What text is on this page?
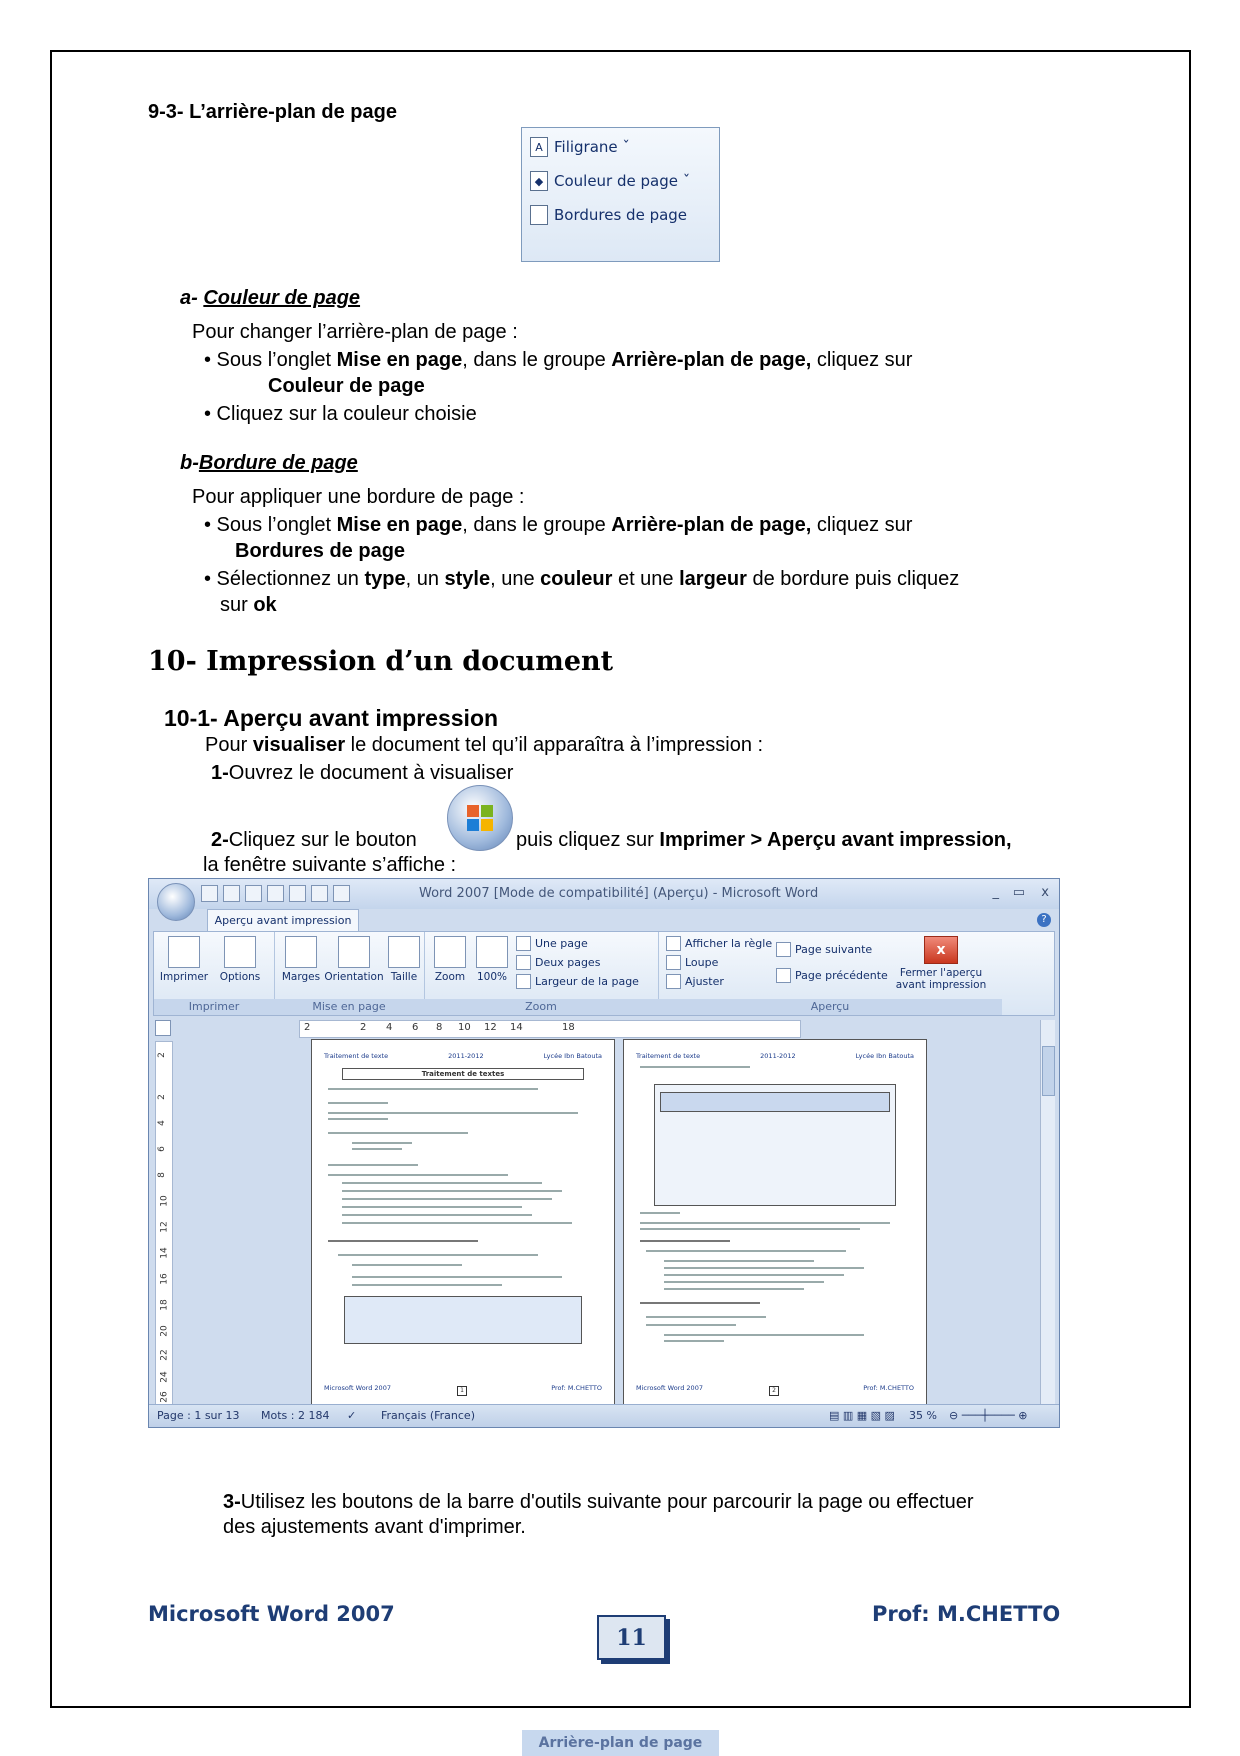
9-3- L’arrière-plan de page
A Filigrane ˇ
◆ Couleur de page ˇ
Bordures de page
Arrière-plan de page
a- Couleur de page
Pour changer l’arrière-plan de page :
• Sous l’onglet Mise en page, dans le groupe Arrière-plan de page, cliquez sur
Couleur de page
• Cliquez sur la couleur choisie
b-Bordure de page
Pour appliquer une bordure de page :
• Sous l’onglet Mise en page, dans le groupe Arrière-plan de page, cliquez sur
Bordures de page
• Sélectionnez un type, un style, une couleur et une largeur de bordure puis cliquez
sur ok
10- Impression d’un document
10-1- Aperçu avant impression
Pour visualiser le document tel qu’il apparaîtra à l’impression :
1-Ouvrez le document à visualiser
2-Cliquez sur le bouton	puis cliquez sur Imprimer > Aperçu avant impression,
la fenêtre suivante s’affiche :
Word 2007 [Mode de compatibilité] (Aperçu) - Microsoft Word	_ ▭ x
Aperçu avant impression	?
Imprimer	Options
Imprimer
Marges Orientation Taille
Mise en page
Zoom	100%
Une page
Deux pages
Largeur de la page
Zoom
Afficher la règle
Loupe
Ajuster
Page suivante
Page précédente
x
Fermer l'aperçu
avant impression
Aperçu
2	2 4 6 8 10 12 14	18
2
2
4
6
8
10
12
14
16
18
20
22
24
26
Traitement de texte	2011-2012	Lycée Ibn Batouta
Traitement de textes
Microsoft Word 2007	Prof: M.CHETTO
1
Traitement de texte	2011-2012	Lycée Ibn Batouta
Microsoft Word 2007	Prof: M.CHETTO
2
Page : 1 sur 13 Mots : 2 184 ✓ Français (France)	▤ ▥ ▦ ▧ ▨ 35 % ⊖ ───┼──── ⊕
3-Utilisez les boutons de la barre d'outils suivante pour parcourir la page ou effectuer
des ajustements avant d'imprimer.
Microsoft Word 2007
11
Prof: M.CHETTO
